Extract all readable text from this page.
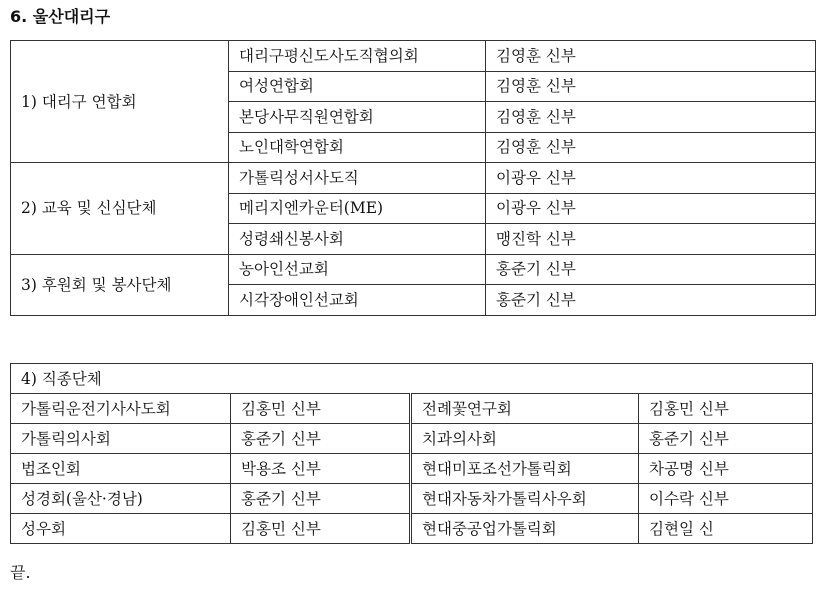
6. 울산대리구
1) 대리구 연합회	대리구평신도사도직협의회	김영훈 신부
	여성연합회	김영훈 신부
	본당사무직원연합회	김영훈 신부
	노인대학연합회	김영훈 신부
2) 교육 및 신심단체	가톨릭성서사도직	이광우 신부
	메리지엔카운터(ME)	이광우 신부
	성령쇄신봉사회	맹진학 신부
3) 후원회 및 봉사단체	농아인선교회	홍준기 신부
	시각장애인선교회	홍준기 신부
4) 직종단체			
가톨릭운전기사사도회	김홍민 신부	전례꽃연구회	김홍민 신부
가톨릭의사회	홍준기 신부	치과의사회	홍준기 신부
법조인회	박용조 신부	현대미포조선가톨릭회	차공명 신부
성경회(울산·경남)	홍준기 신부	현대자동차가톨릭사우회	이수락 신부
성우회	김홍민 신부	현대중공업가톨릭회	김현일 신
끝.
